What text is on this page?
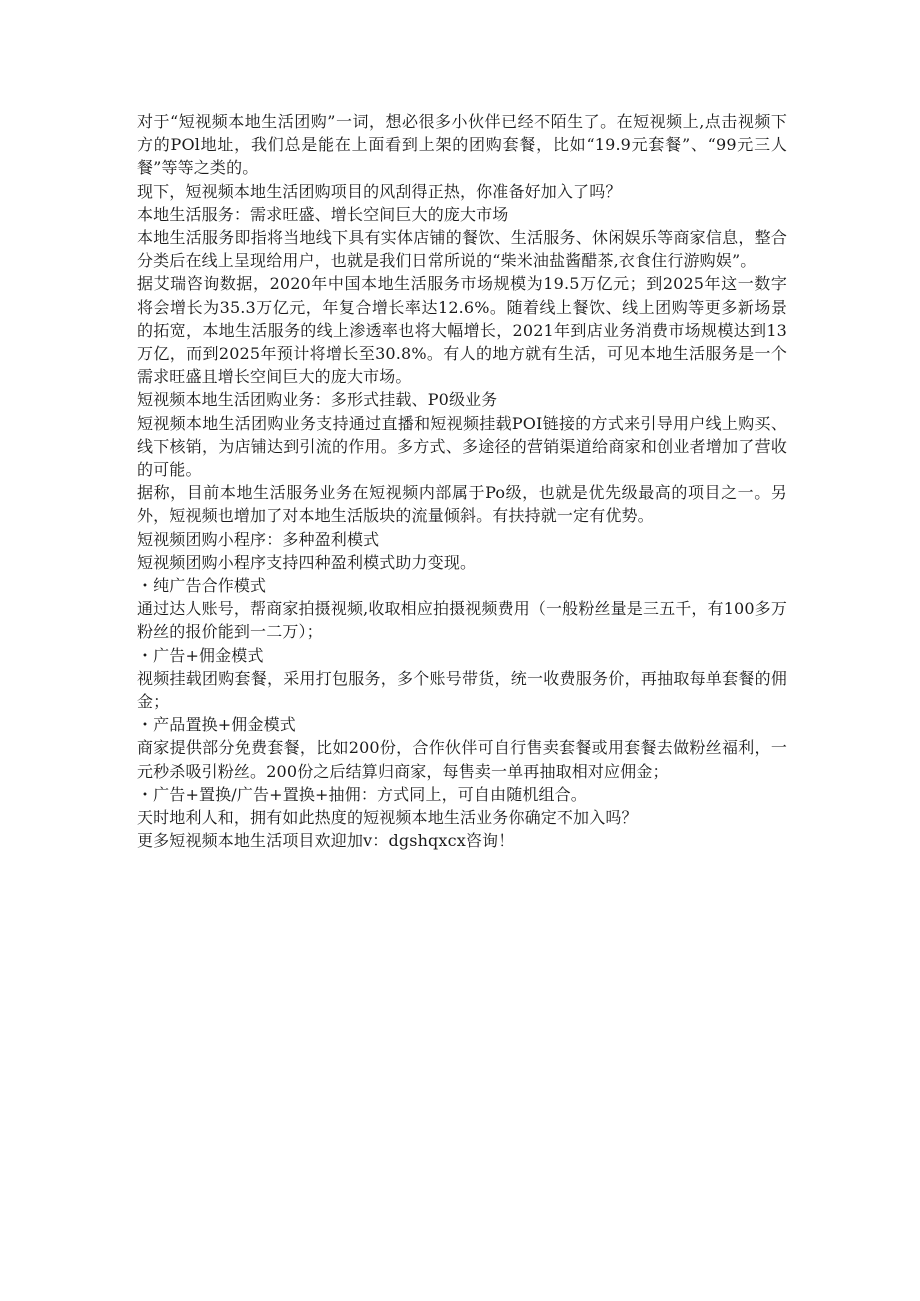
对于“短视频本地生活团购”一词，想必很多小伙伴已经不陌生了。在短视频上,点击视频下方的POl地址，我们总是能在上面看到上架的团购套餐，比如“19.9元套餐”、“99元三人餐”等等之类的。

现下，短视频本地生活团购项目的风刮得正热，你准备好加入了吗？

本地生活服务：需求旺盛、增长空间巨大的庞大市场

本地生活服务即指将当地线下具有实体店铺的餐饮、生活服务、休闲娱乐等商家信息，整合分类后在线上呈现给用户，也就是我们日常所说的“柴米油盐酱醋茶,衣食住行游购娱”。

据艾瑞咨询数据，2020年中国本地生活服务市场规模为19.5万亿元；到2025年这一数字将会增长为35.3万亿元，年复合增长率达12.6%。随着线上餐饮、线上团购等更多新场景的拓宽，本地生活服务的线上渗透率也将大幅增长，2021年到店业务消费市场规模达到13万亿，而到2025年预计将增长至30.8%。有人的地方就有生活，可见本地生活服务是一个需求旺盛且增长空间巨大的庞大市场。

短视频本地生活团购业务：多形式挂载、P0级业务

短视频本地生活团购业务支持通过直播和短视频挂载POI链接的方式来引导用户线上购买、线下核销，为店铺达到引流的作用。多方式、多途径的营销渠道给商家和创业者增加了营收的可能。

据称，目前本地生活服务业务在短视频内部属于Po级，也就是优先级最高的项目之一。另外，短视频也增加了对本地生活版块的流量倾斜。有扶持就一定有优势。

短视频团购小程序：多种盈利模式

短视频团购小程序支持四种盈利模式助力变现。

・纯广告合作模式

通过达人账号，帮商家拍摄视频,收取相应拍摄视频费用（一般粉丝量是三五千，有100多万粉丝的报价能到一二万）；

・广告+佣金模式

视频挂载团购套餐，采用打包服务，多个账号带货，统一收费服务价，再抽取每单套餐的佣金；

・产品置换+佣金模式

商家提供部分免费套餐，比如200份，合作伙伴可自行售卖套餐或用套餐去做粉丝福利，一元秒杀吸引粉丝。200份之后结算归商家，每售卖一单再抽取相对应佣金；

・广告+置换/广告+置换+抽佣：方式同上，可自由随机组合。

天时地利人和，拥有如此热度的短视频本地生活业务你确定不加入吗？

更多短视频本地生活项目欢迎加v：dgshqxcx咨询！
